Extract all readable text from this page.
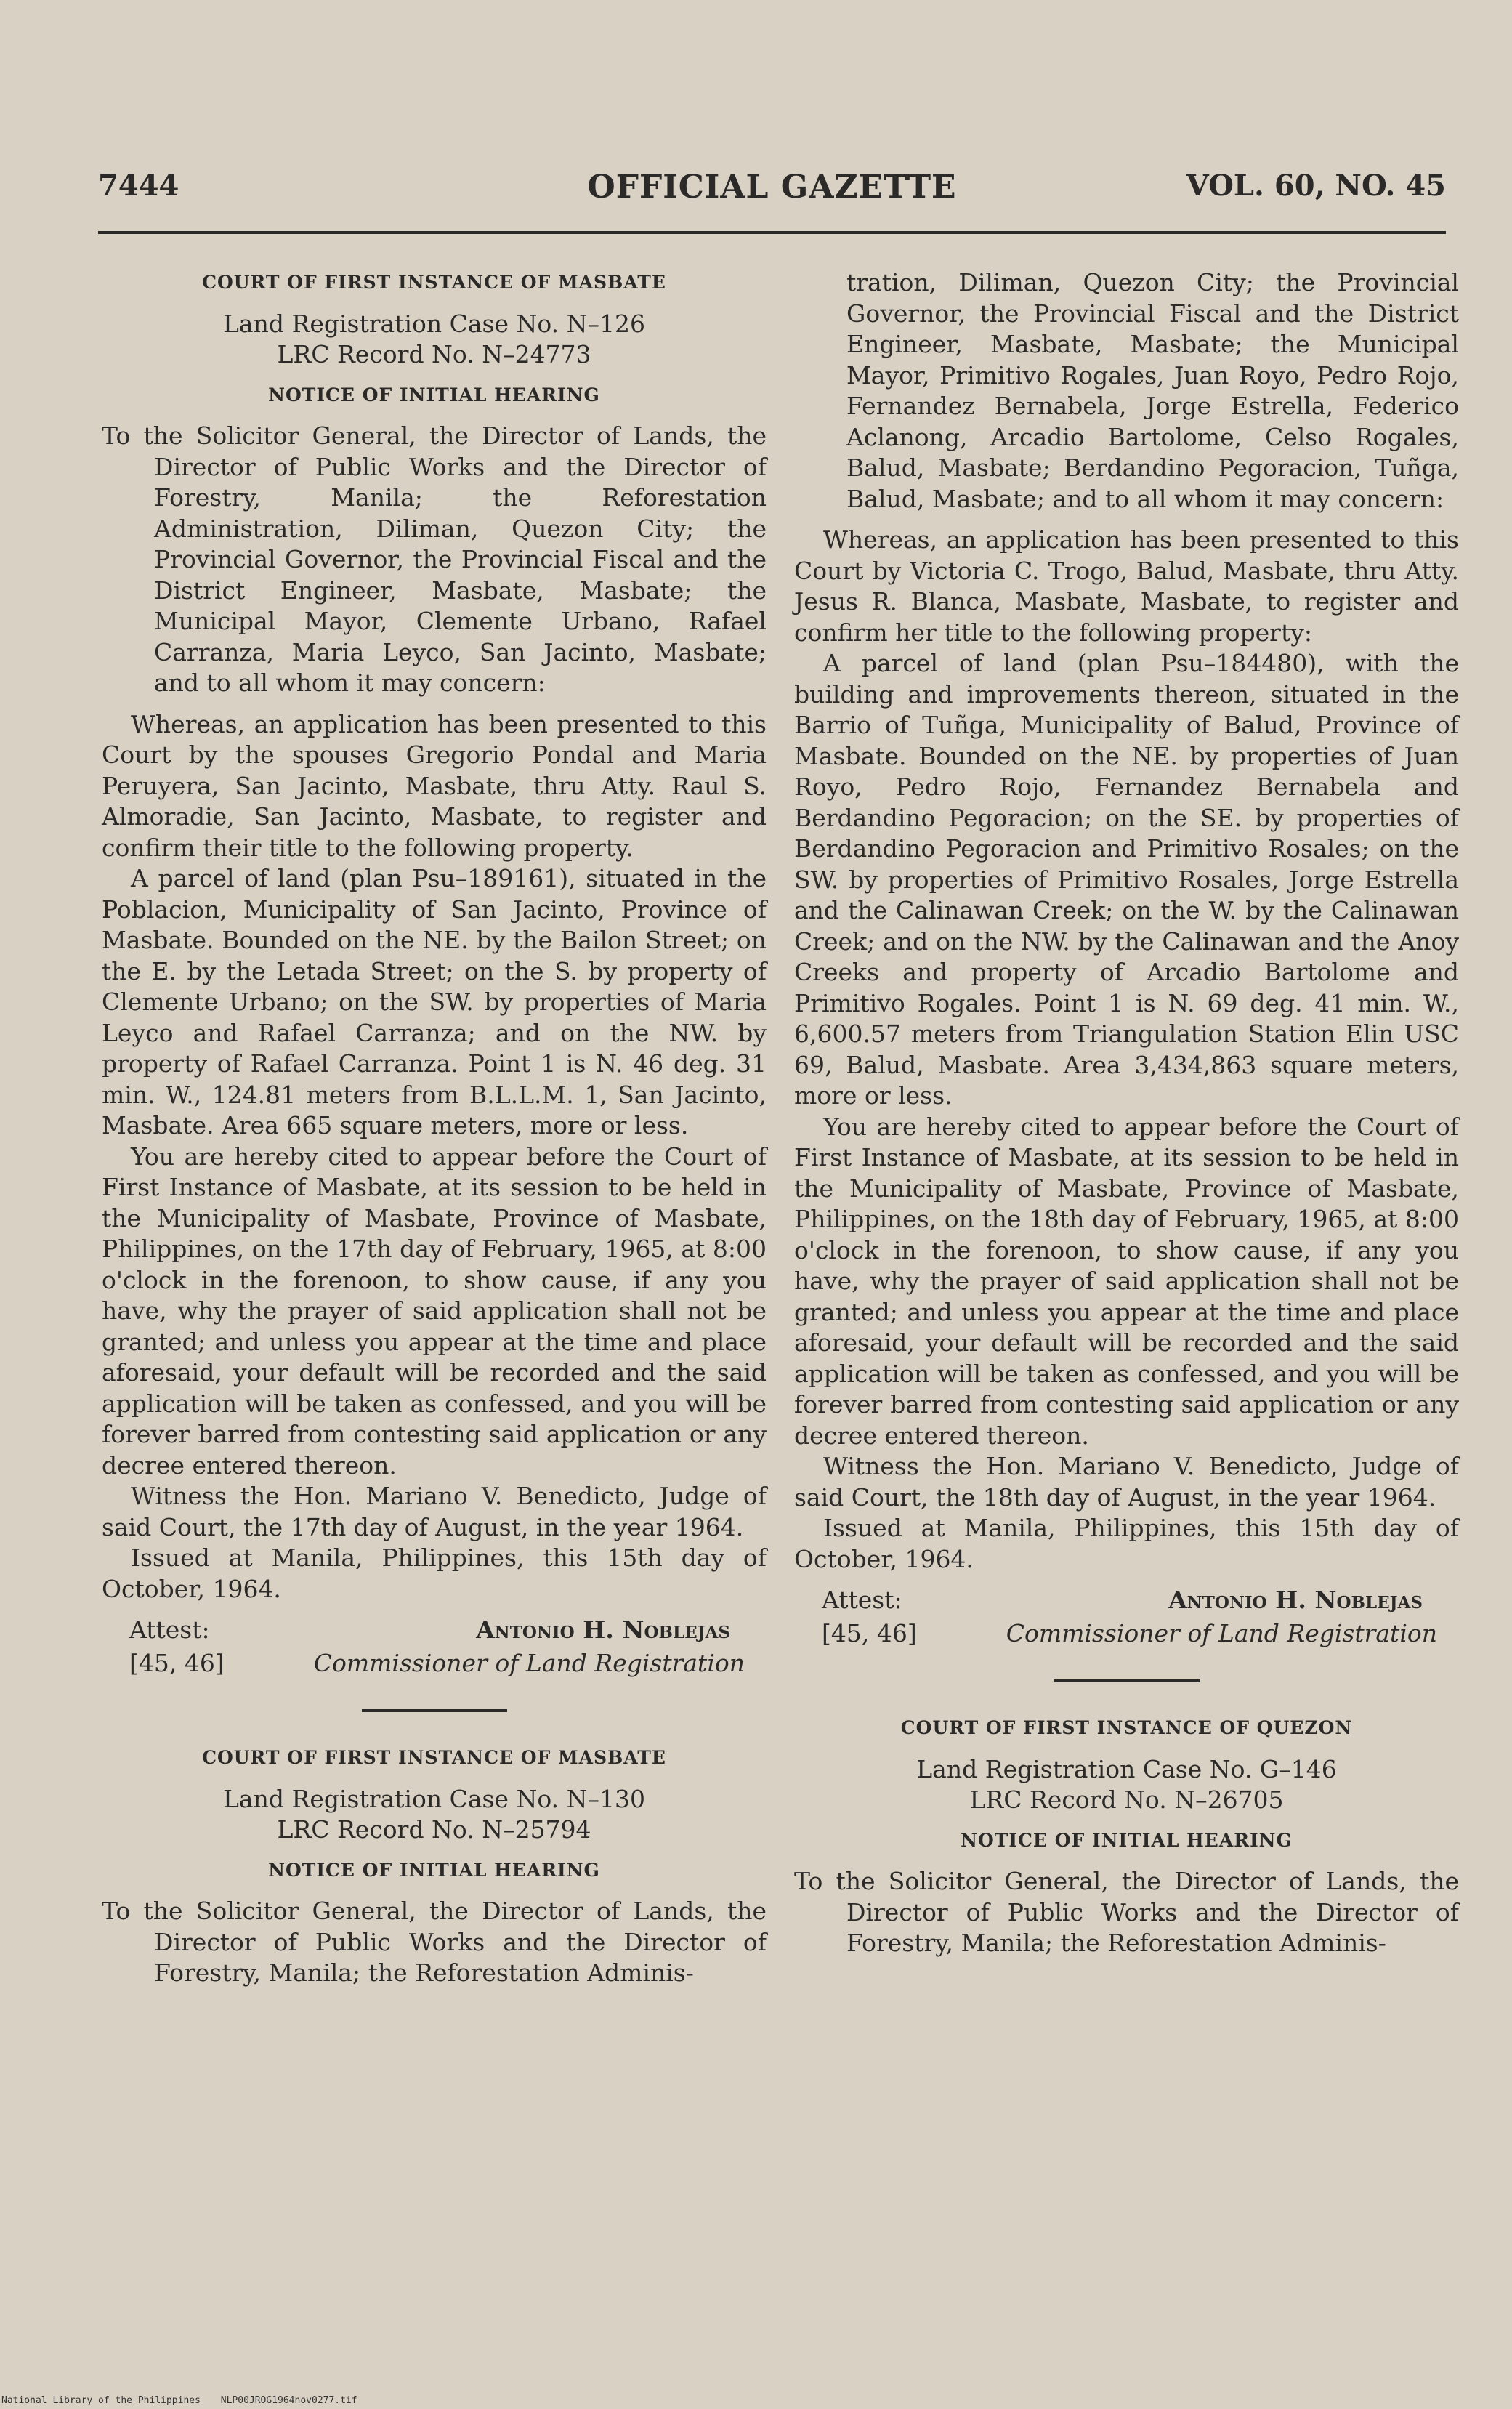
7444	OFFICIAL GAZETTE	VOL. 60, NO. 45

COURT OF FIRST INSTANCE OF MASBATE

Land Registration Case No. N–126

LRC Record No. N–24773

NOTICE OF INITIAL HEARING

To the Solicitor General, the Director of Lands, the Director of Public Works and the Director of Forestry, Manila; the Reforestation Administration, Diliman, Quezon City; the Provincial Governor, the Provincial Fiscal and the District Engineer, Masbate, Masbate; the Municipal Mayor, Clemente Urbano, Rafael Carranza, Maria Leyco, San Jacinto, Masbate; and to all whom it may concern:

Whereas, an application has been presented to this Court by the spouses Gregorio Pondal and Maria Peruyera, San Jacinto, Masbate, thru Atty. Raul S. Almoradie, San Jacinto, Masbate, to register and confirm their title to the following property.

A parcel of land (plan Psu–189161), situated in the Poblacion, Municipality of San Jacinto, Province of Masbate. Bounded on the NE. by the Bailon Street; on the E. by the Letada Street; on the S. by property of Clemente Urbano; on the SW. by properties of Maria Leyco and Rafael Carranza; and on the NW. by property of Rafael Carranza. Point 1 is N. 46 deg. 31 min. W., 124.81 meters from B.L.L.M. 1, San Jacinto, Masbate. Area 665 square meters, more or less.

You are hereby cited to appear before the Court of First Instance of Masbate, at its session to be held in the Municipality of Masbate, Province of Masbate, Philippines, on the 17th day of February, 1965, at 8:00 o'clock in the forenoon, to show cause, if any you have, why the prayer of said application shall not be granted; and unless you appear at the time and place aforesaid, your default will be recorded and the said application will be taken as confessed, and you will be forever barred from contesting said application or any decree entered thereon.

Witness the Hon. Mariano V. Benedicto, Judge of said Court, the 17th day of August, in the year 1964.

Issued at Manila, Philippines, this 15th day of October, 1964.

Attest:	Antonio H. Noblejas
[45, 46]	Commissioner of Land Registration

COURT OF FIRST INSTANCE OF MASBATE

Land Registration Case No. N–130

LRC Record No. N–25794

NOTICE OF INITIAL HEARING

To the Solicitor General, the Director of Lands, the Director of Public Works and the Director of Forestry, Manila; the Reforestation Adminis-

tration, Diliman, Quezon City; the Provincial Governor, the Provincial Fiscal and the District Engineer, Masbate, Masbate; the Municipal Mayor, Primitivo Rogales, Juan Royo, Pedro Rojo, Fernandez Bernabela, Jorge Estrella, Federico Aclanong, Arcadio Bartolome, Celso Rogales, Balud, Masbate; Berdandino Pegoracion, Tuñga, Balud, Masbate; and to all whom it may concern:

Whereas, an application has been presented to this Court by Victoria C. Trogo, Balud, Masbate, thru Atty. Jesus R. Blanca, Masbate, Masbate, to register and confirm her title to the following property:

A parcel of land (plan Psu–184480), with the building and improvements thereon, situated in the Barrio of Tuñga, Municipality of Balud, Province of Masbate. Bounded on the NE. by properties of Juan Royo, Pedro Rojo, Fernandez Bernabela and Berdandino Pegoracion; on the SE. by properties of Berdandino Pegoracion and Primitivo Rosales; on the SW. by properties of Primitivo Rosales, Jorge Estrella and the Calinawan Creek; on the W. by the Calinawan Creek; and on the NW. by the Calinawan and the Anoy Creeks and property of Arcadio Bartolome and Primitivo Rogales. Point 1 is N. 69 deg. 41 min. W., 6,600.57 meters from Triangulation Station Elin USC 69, Balud, Masbate. Area 3,434,863 square meters, more or less.

You are hereby cited to appear before the Court of First Instance of Masbate, at its session to be held in the Municipality of Masbate, Province of Masbate, Philippines, on the 18th day of February, 1965, at 8:00 o'clock in the forenoon, to show cause, if any you have, why the prayer of said application shall not be granted; and unless you appear at the time and place aforesaid, your default will be recorded and the said application will be taken as confessed, and you will be forever barred from contesting said application or any decree entered thereon.

Witness the Hon. Mariano V. Benedicto, Judge of said Court, the 18th day of August, in the year 1964.

Issued at Manila, Philippines, this 15th day of October, 1964.

Attest:	Antonio H. Noblejas
[45, 46]	Commissioner of Land Registration

COURT OF FIRST INSTANCE OF QUEZON

Land Registration Case No. G–146

LRC Record No. N–26705

NOTICE OF INITIAL HEARING

To the Solicitor General, the Director of Lands, the Director of Public Works and the Director of Forestry, Manila; the Reforestation Adminis-

National Library of the Philippines NLP00JROG1964nov0277.tif
